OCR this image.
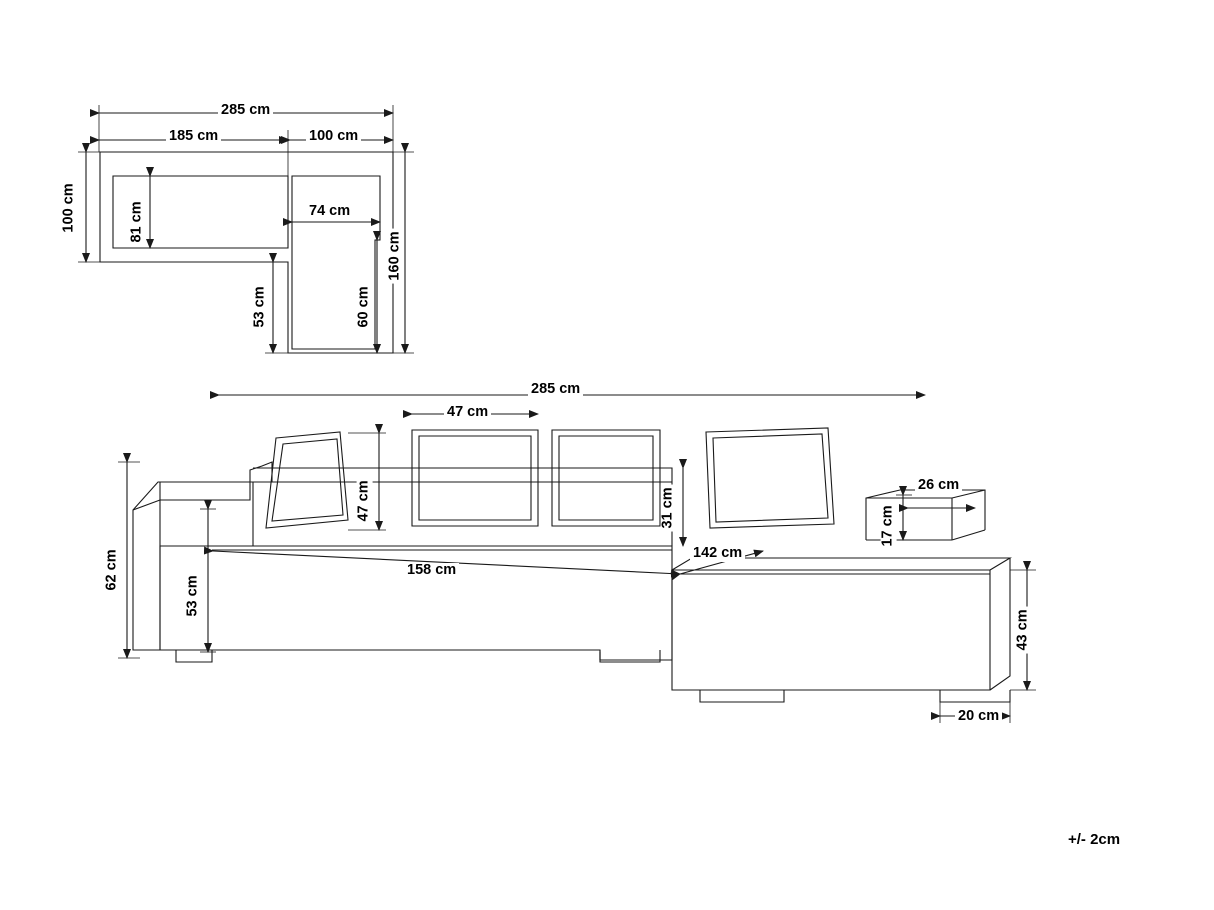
285 cm
185 cm	100 cm
74 cm
100 cm	81 cm
53 cm	60 cm
160 cm
285 cm
47 cm
47 cm	31 cm
26 cm
17 cm
62 cm
53 cm
158 cm
142 cm
43 cm
20 cm
+/- 2cm
